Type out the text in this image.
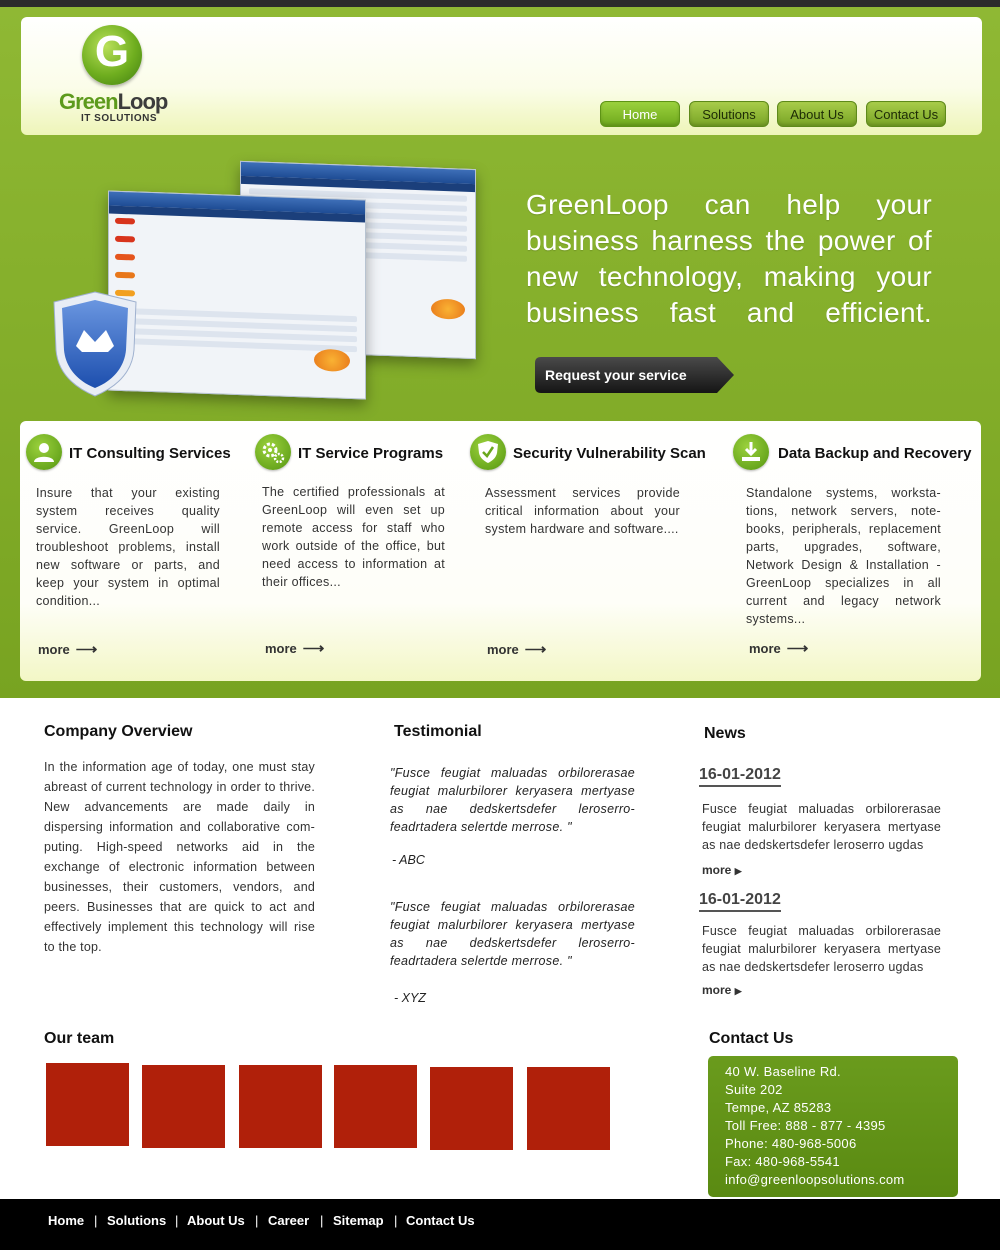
G
GreenLoop
IT SOLUTIONS	Home	Solutions	About Us	Contact Us
GreenLoop can help your business harness the power of new technology, making your business fast and efficient.
Request your service
IT Consulting Services
Insure that your existing system receives quality service. GreenLoop will troubleshoot problems, install new software or parts, and keep your system in optimal condition...
more ⟶
IT Service Programs
The certified professionals at GreenLoop will even set up remote access for staff who work outside of the office, but need access to information at their offices...
more ⟶
Security Vulnerability Scan
Assessment services provide critical information about your system hardware and software....
more ⟶
Data Backup and Recovery
Standalone systems, worksta-tions, network servers, note-books, peripherals, replacement parts, upgrades, software, Network Design & Installation - GreenLoop specializes in all current and legacy network systems...
more ⟶
Company Overview
In the information age of today, one must stay abreast of current technology in order to thrive. New advancements are made daily in dispersing information and collaborative com-puting. High-speed networks aid in the exchange of electronic information between businesses, their customers, vendors, and peers. Businesses that are quick to act and effectively implement this technology will rise to the top.
Testimonial
"Fusce feugiat maluadas orbilorerasae feugiat malurbilorer keryasera mertyase as nae dedskertsdefer leroserro-feadrtadera selertde merrose. "
- ABC
"Fusce feugiat maluadas orbilorerasae feugiat malurbilorer keryasera mertyase as nae dedskertsdefer leroserro-feadrtadera selertde merrose. "
- XYZ
News
16-01-2012
Fusce feugiat maluadas orbilorerasae feugiat malurbilorer keryasera mertyase as nae dedskertsdefer leroserro ugdas
more ▶
16-01-2012
Fusce feugiat maluadas orbilorerasae feugiat malurbilorer keryasera mertyase as nae dedskertsdefer leroserro ugdas
more ▶
Our team	Contact Us
40 W. Baseline Rd.
Suite 202
Tempe, AZ 85283
Toll Free: 888 - 877 - 4395
Phone: 480-968-5006
Fax: 480-968-5541
info@greenloopsolutions.com
Home | Solutions | About Us | Career | Sitemap | Contact Us
